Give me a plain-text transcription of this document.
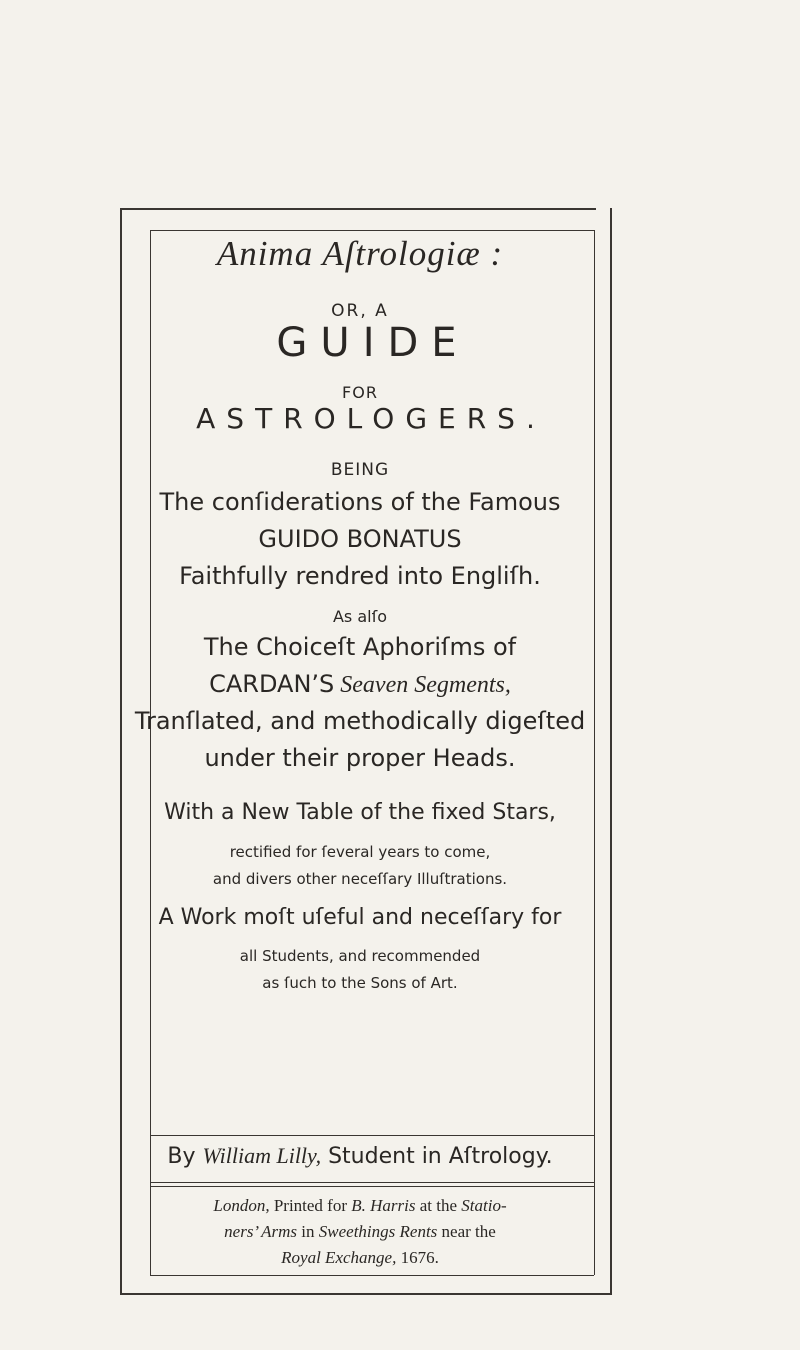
Anima Aſtrologiæ :

OR, A

GUIDE

FOR

ASTROLOGERS.

BEING

The conſiderations of the Famous

GUIDO BONATUS

Faithfully rendred into Engliſh.

As alſo

The Choiceſt Aphoriſms of

CARDAN’S Seaven Segments,

Tranſlated, and methodically digeſted

under their proper Heads.

With a New Table of the fixed Stars,

rectified for ſeveral years to come,

and divers other neceſſary Illuſtrations.

A Work moſt uſeful and neceſſary for

all Students, and recommended

as ſuch to the Sons of Art.

By William Lilly, Student in Aſtrology.

London, Printed for B. Harris at the Statio-

ners’ Arms in Sweethings Rents near the

Royal Exchange, 1676.
